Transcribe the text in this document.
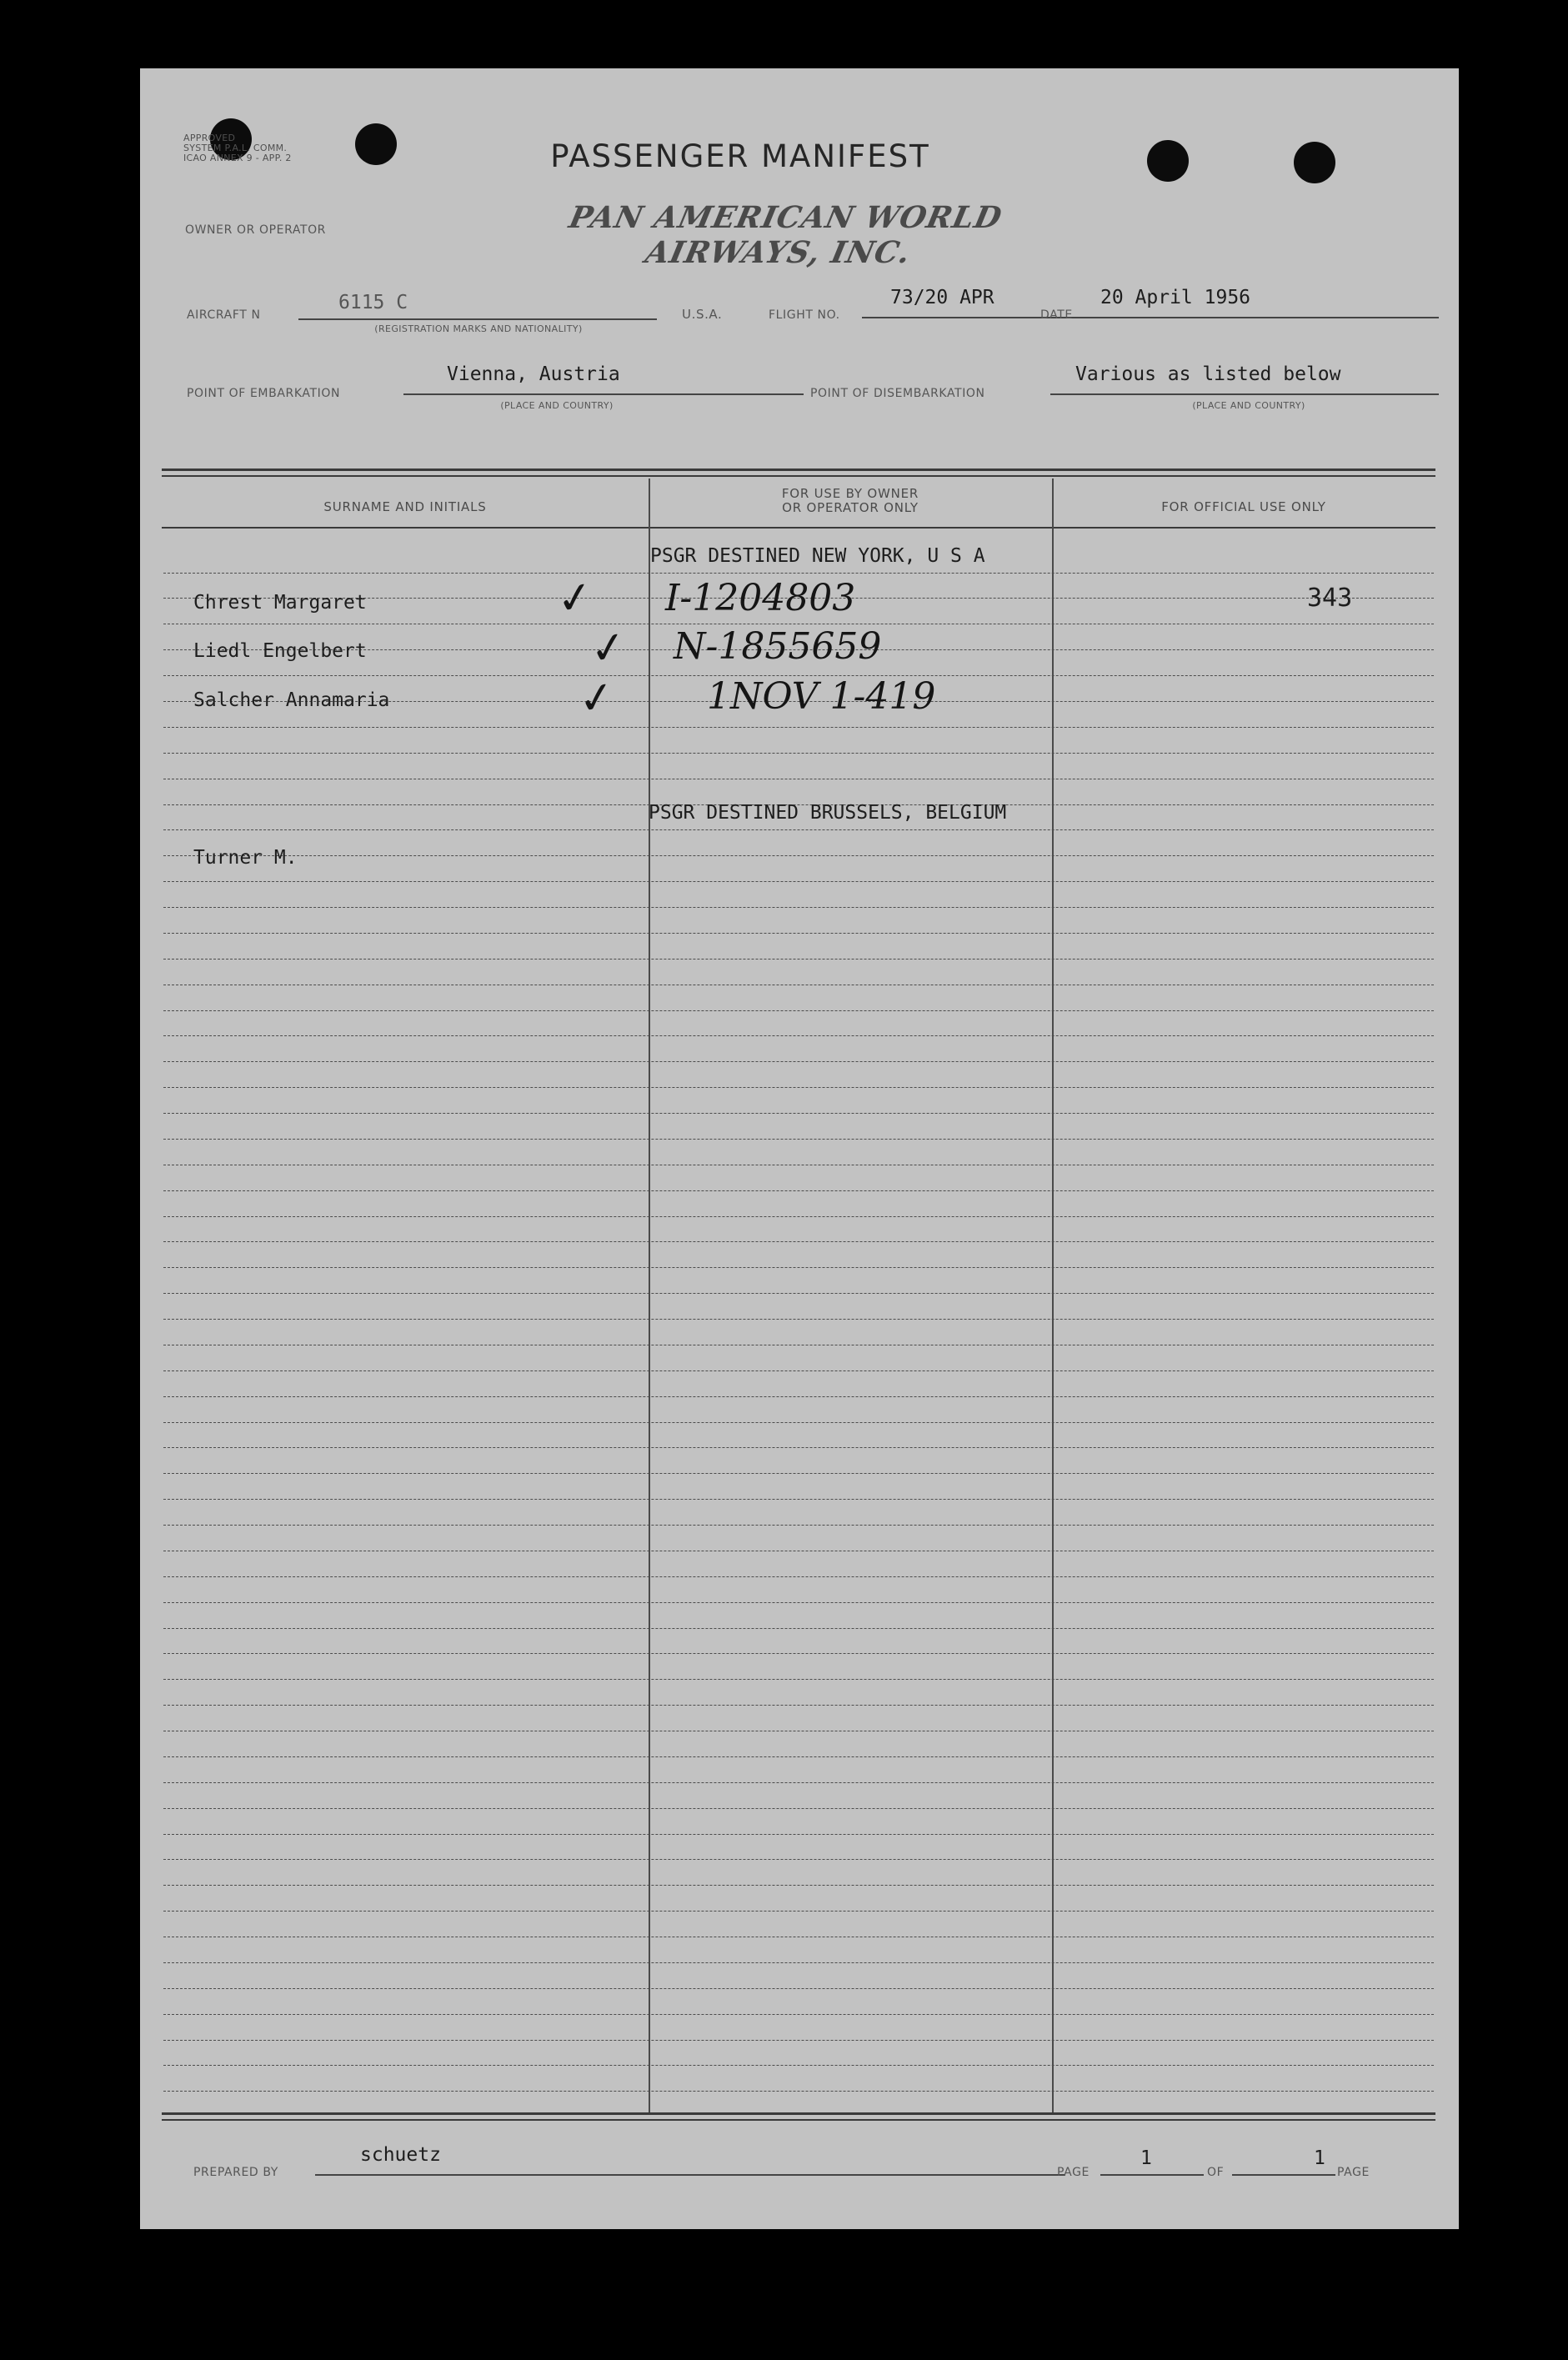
APPROVED
SYSTEM P.A.L. COMM.
ICAO ANNEX 9 - APP. 2	PASSENGER MANIFEST
OWNER OR OPERATOR	PAN AMERICAN WORLD AIRWAYS, INC.
AIRCRAFT N
6115 C
(REGISTRATION MARKS AND NATIONALITY)
U.S.A.	FLIGHT NO.
73/20 APR
DATE
20 April 1956
POINT OF EMBARKATION
Vienna, Austria
(PLACE AND COUNTRY)
POINT OF DISEMBARKATION
Various as listed below
(PLACE AND COUNTRY)
SURNAME AND INITIALS
FOR USE BY OWNER
OR OPERATOR ONLY	FOR OFFICIAL USE ONLY
PSGR DESTINED NEW YORK, U S A
Chrest Margaret	✓ I-1204803	343
Liedl Engelbert	✓ N-1855659
Salcher Annamaria	✓ 1NOV 1-419
PSGR DESTINED BRUSSELS, BELGIUM
Turner M.
PREPARED BY
schuetz
PAGE
1
OF
1
PAGE
